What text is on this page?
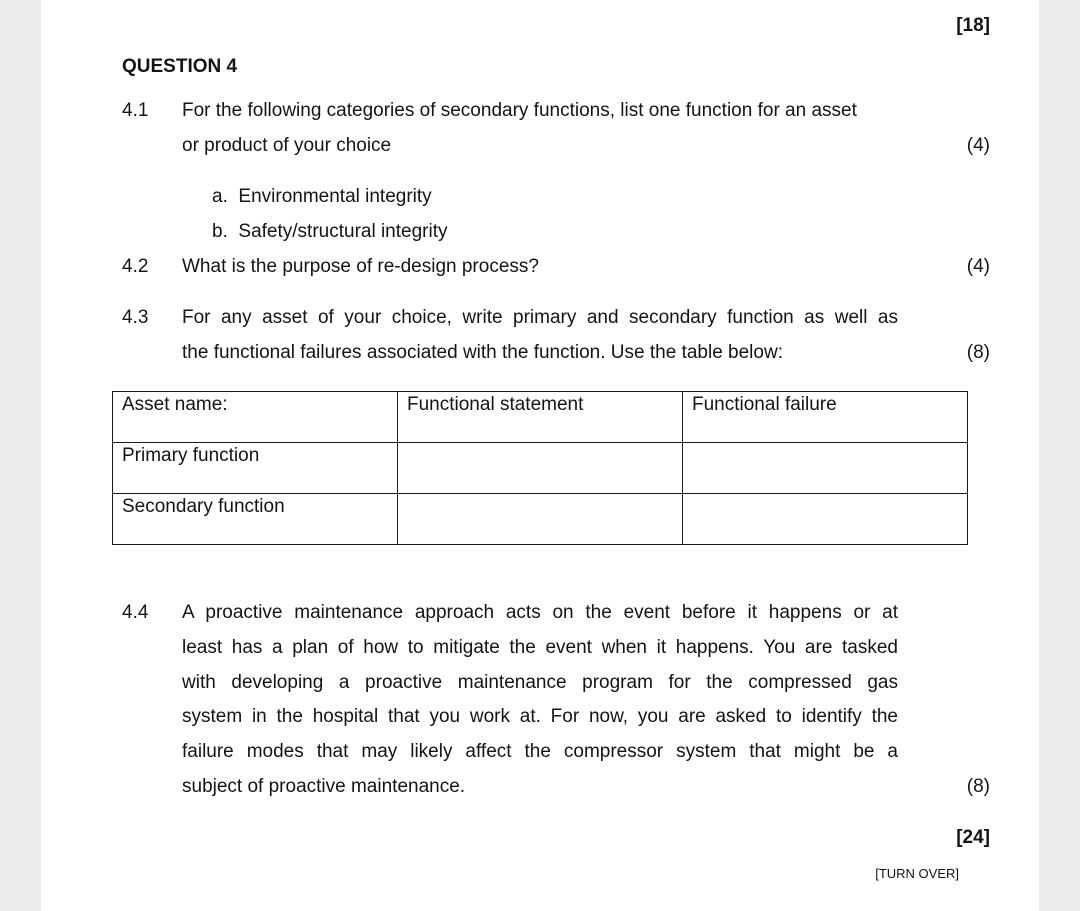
[18]
QUESTION 4
4.1 For the following categories of secondary functions, list one function for an asset
or product of your choice	(4)
a.  Environmental integrity
b.  Safety/structural integrity
4.2 What is the purpose of re-design process?	(4)
4.3 For any asset of your choice, write primary and secondary function as well as
the functional failures associated with the function. Use the table below:	(8)
Asset name:	Functional statement	Functional failure
Primary function		
Secondary function		
4.4 A proactive maintenance approach acts on the event before it happens or at
least has a plan of how to mitigate the event when it happens. You are tasked
with developing a proactive maintenance program for the compressed gas
system in the hospital that you work at. For now, you are asked to identify the
failure modes that may likely affect the compressor system that might be a
subject of proactive maintenance.	(8)
[24]
[TURN OVER]
